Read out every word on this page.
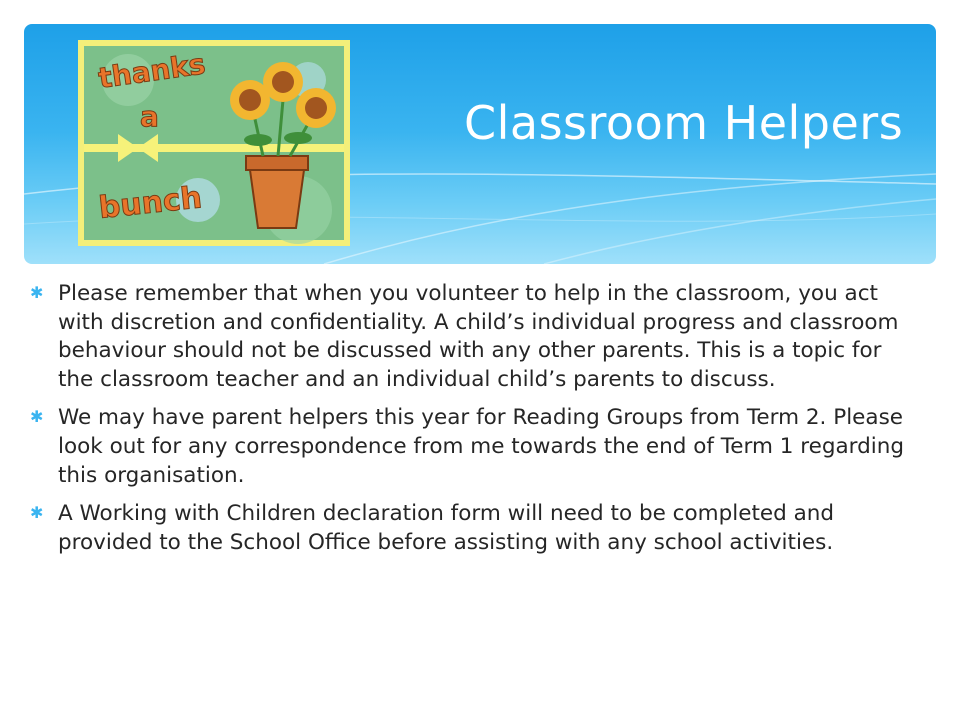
Classroom Helpers
thanks
a
bunch
✱ Please remember that when you volunteer to help in the classroom, you act with discretion and confidentiality. A child’s individual progress and classroom behaviour should not be discussed with any other parents. This is a topic for the classroom teacher and an individual child’s parents to discuss.
✱ We may have parent helpers this year for Reading Groups from Term 2. Please look out for any correspondence from me towards the end of Term 1 regarding this organisation.
✱ A Working with Children declaration form will need to be completed and provided to the School Office before assisting with any school activities.
